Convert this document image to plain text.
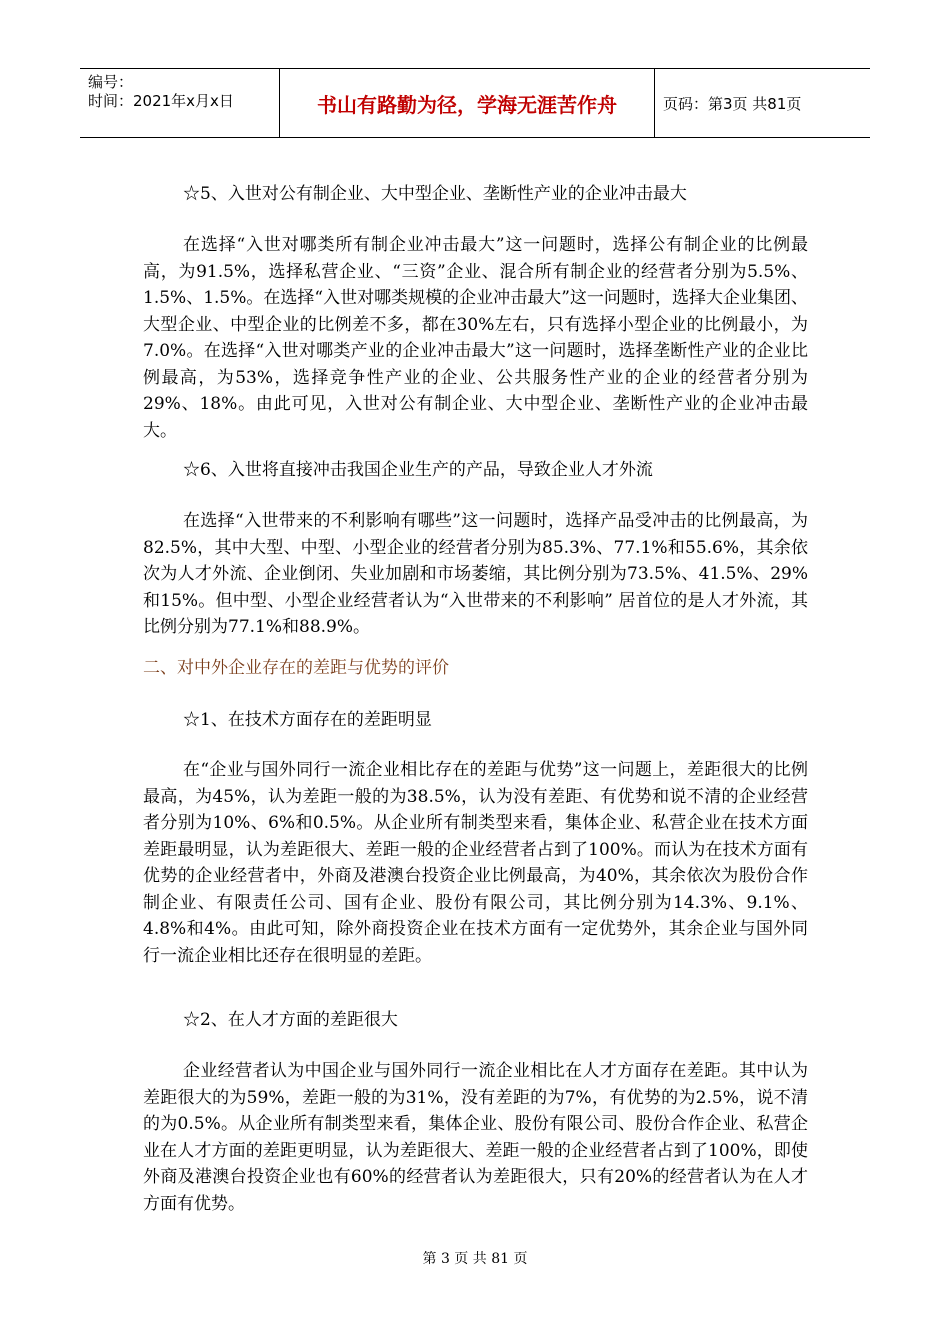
编号：
时间：2021年x月x日	书山有路勤为径，学海无涯苦作舟	页码：第3页 共81页

☆5、入世对公有制企业、大中型企业、垄断性产业的企业冲击最大

在选择“入世对哪类所有制企业冲击最大”这一问题时，选择公有制企业的比例最高，为91.5%，选择私营企业、“三资”企业、混合所有制企业的经营者分别为5.5%、1.5%、1.5%。在选择“入世对哪类规模的企业冲击最大”这一问题时，选择大企业集团、大型企业、中型企业的比例差不多，都在30%左右，只有选择小型企业的比例最小，为7.0%。在选择“入世对哪类产业的企业冲击最大”这一问题时，选择垄断性产业的企业比例最高，为53%，选择竞争性产业的企业、公共服务性产业的企业的经营者分别为29%、18%。由此可见，入世对公有制企业、大中型企业、垄断性产业的企业冲击最大。

☆6、入世将直接冲击我国企业生产的产品，导致企业人才外流

在选择“入世带来的不利影响有哪些”这一问题时，选择产品受冲击的比例最高，为82.5%，其中大型、中型、小型企业的经营者分别为85.3%、77.1%和55.6%，其余依次为人才外流、企业倒闭、失业加剧和市场萎缩，其比例分别为73.5%、41.5%、29%和15%。但中型、小型企业经营者认为“入世带来的不利影响” 居首位的是人才外流，其比例分别为77.1%和88.9%。

二、对中外企业存在的差距与优势的评价

☆1、在技术方面存在的差距明显

在“企业与国外同行一流企业相比存在的差距与优势”这一问题上，差距很大的比例最高，为45%，认为差距一般的为38.5%，认为没有差距、有优势和说不清的企业经营者分别为10%、6%和0.5%。从企业所有制类型来看，集体企业、私营企业在技术方面差距最明显，认为差距很大、差距一般的企业经营者占到了100%。而认为在技术方面有优势的企业经营者中，外商及港澳台投资企业比例最高，为40%，其余依次为股份合作制企业、有限责任公司、国有企业、股份有限公司，其比例分别为14.3%、9.1%、4.8%和4%。由此可知，除外商投资企业在技术方面有一定优势外，其余企业与国外同行一流企业相比还存在很明显的差距。

☆2、在人才方面的差距很大

企业经营者认为中国企业与国外同行一流企业相比在人才方面存在差距。其中认为差距很大的为59%，差距一般的为31%，没有差距的为7%，有优势的为2.5%，说不清的为0.5%。从企业所有制类型来看，集体企业、股份有限公司、股份合作企业、私营企业在人才方面的差距更明显，认为差距很大、差距一般的企业经营者占到了100%，即使外商及港澳台投资企业也有60%的经营者认为差距很大，只有20%的经营者认为在人才方面有优势。

第 3 页 共 81 页
